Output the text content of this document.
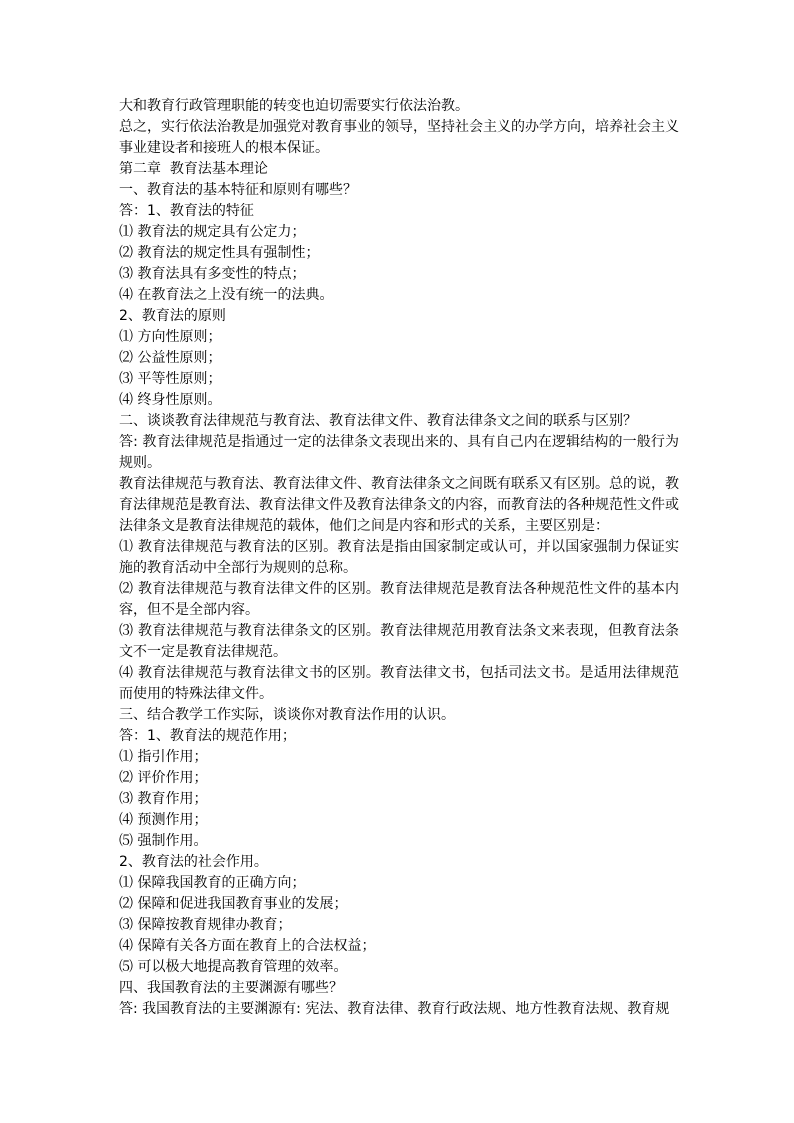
大和教育行政管理职能的转变也迫切需要实行依法治教。
总之，实行依法治教是加强党对教育事业的领导，坚持社会主义的办学方向，培养社会主义事业建设者和接班人的根本保证。
第二章  教育法基本理论
一、教育法的基本特征和原则有哪些？
答：1、教育法的特征
⑴ 教育法的规定具有公定力；
⑵ 教育法的规定性具有强制性；
⑶ 教育法具有多变性的特点；
⑷ 在教育法之上没有统一的法典。
2、教育法的原则
⑴ 方向性原则；
⑵ 公益性原则；
⑶ 平等性原则；
⑷ 终身性原则。
二、谈谈教育法律规范与教育法、教育法律文件、教育法律条文之间的联系与区别？
答: 教育法律规范是指通过一定的法律条文表现出来的、具有自己内在逻辑结构的一般行为规则。
教育法律规范与教育法、教育法律文件、教育法律条文之间既有联系又有区别。总的说，教育法律规范是教育法、教育法律文件及教育法律条文的内容，而教育法的各种规范性文件或法律条文是教育法律规范的载体，他们之间是内容和形式的关系，主要区别是：
⑴ 教育法律规范与教育法的区别。教育法是指由国家制定或认可，并以国家强制力保证实施的教育活动中全部行为规则的总称。
⑵ 教育法律规范与教育法律文件的区别。教育法律规范是教育法各种规范性文件的基本内容，但不是全部内容。
⑶ 教育法律规范与教育法律条文的区别。教育法律规范用教育法条文来表现，但教育法条文不一定是教育法律规范。
⑷ 教育法律规范与教育法律文书的区别。教育法律文书，包括司法文书。是适用法律规范而使用的特殊法律文件。
三、结合教学工作实际，谈谈你对教育法作用的认识。
答：1、教育法的规范作用；
⑴ 指引作用；
⑵ 评价作用；
⑶ 教育作用；
⑷ 预测作用；
⑸ 强制作用。
2、教育法的社会作用。
⑴ 保障我国教育的正确方向；
⑵ 保障和促进我国教育事业的发展；
⑶ 保障按教育规律办教育；
⑷ 保障有关各方面在教育上的合法权益；
⑸ 可以极大地提高教育管理的效率。
四、我国教育法的主要渊源有哪些？
答: 我国教育法的主要渊源有: 宪法、教育法律、教育行政法规、地方性教育法规、教育规
